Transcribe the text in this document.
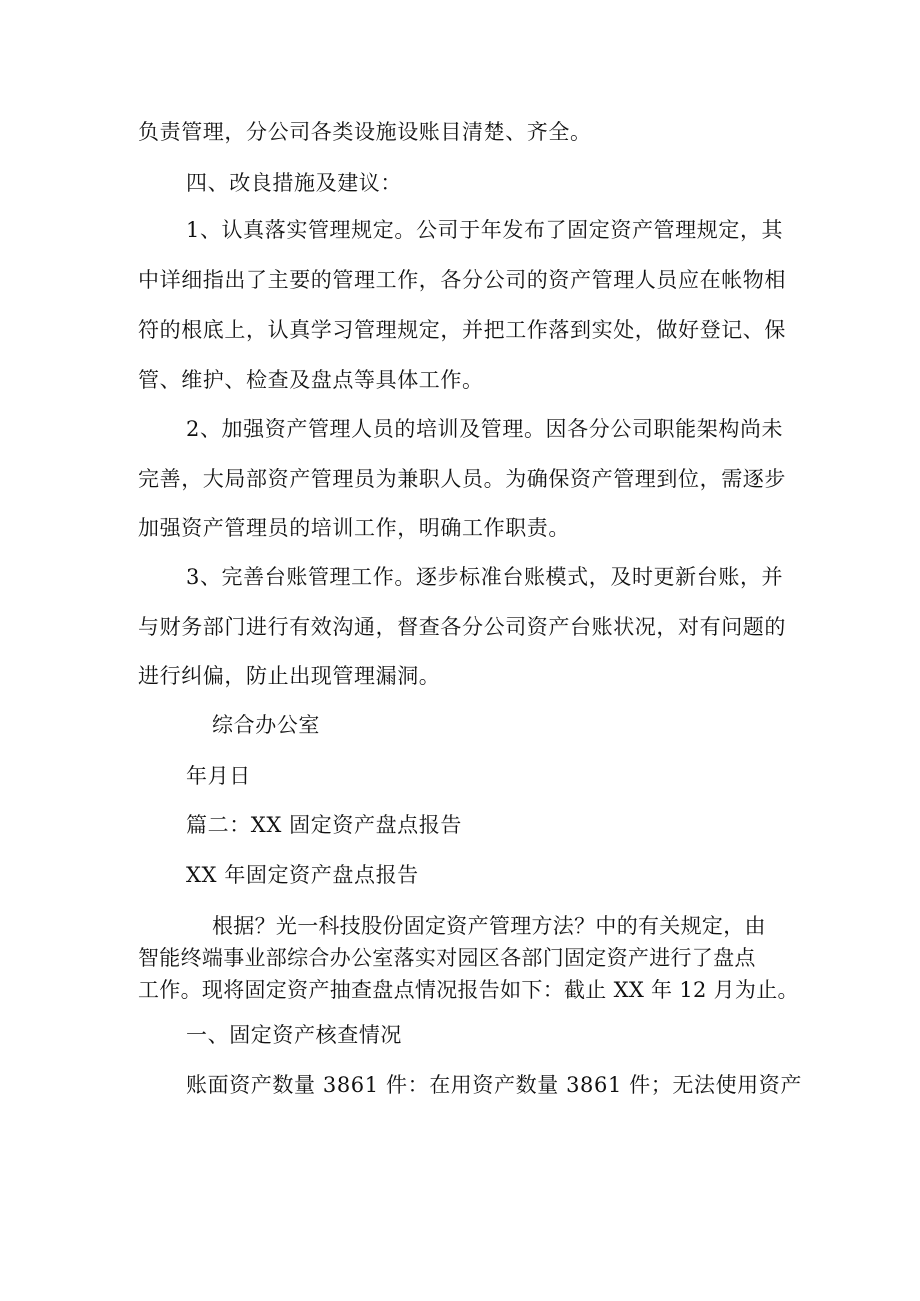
负责管理，分公司各类设施设账目清楚、齐全。
四、改良措施及建议：
1、认真落实管理规定。公司于年发布了固定资产管理规定，其
中详细指出了主要的管理工作，各分公司的资产管理人员应在帐物相
符的根底上，认真学习管理规定，并把工作落到实处，做好登记、保
管、维护、检查及盘点等具体工作。
2、加强资产管理人员的培训及管理。因各分公司职能架构尚未
完善，大局部资产管理员为兼职人员。为确保资产管理到位，需逐步
加强资产管理员的培训工作，明确工作职责。
3、完善台账管理工作。逐步标准台账模式，及时更新台账，并
与财务部门进行有效沟通，督查各分公司资产台账状况，对有问题的
进行纠偏，防止出现管理漏洞。
综合办公室
年月日
篇二：XX 固定资产盘点报告
XX 年固定资产盘点报告
根据？光一科技股份固定资产管理方法？中的有关规定，由
智能终端事业部综合办公室落实对园区各部门固定资产进行了盘点
工作。现将固定资产抽查盘点情况报告如下：截止 XX 年 12 月为止。
一、固定资产核查情况
账面资产数量 3861 件：在用资产数量 3861 件；无法使用资产
